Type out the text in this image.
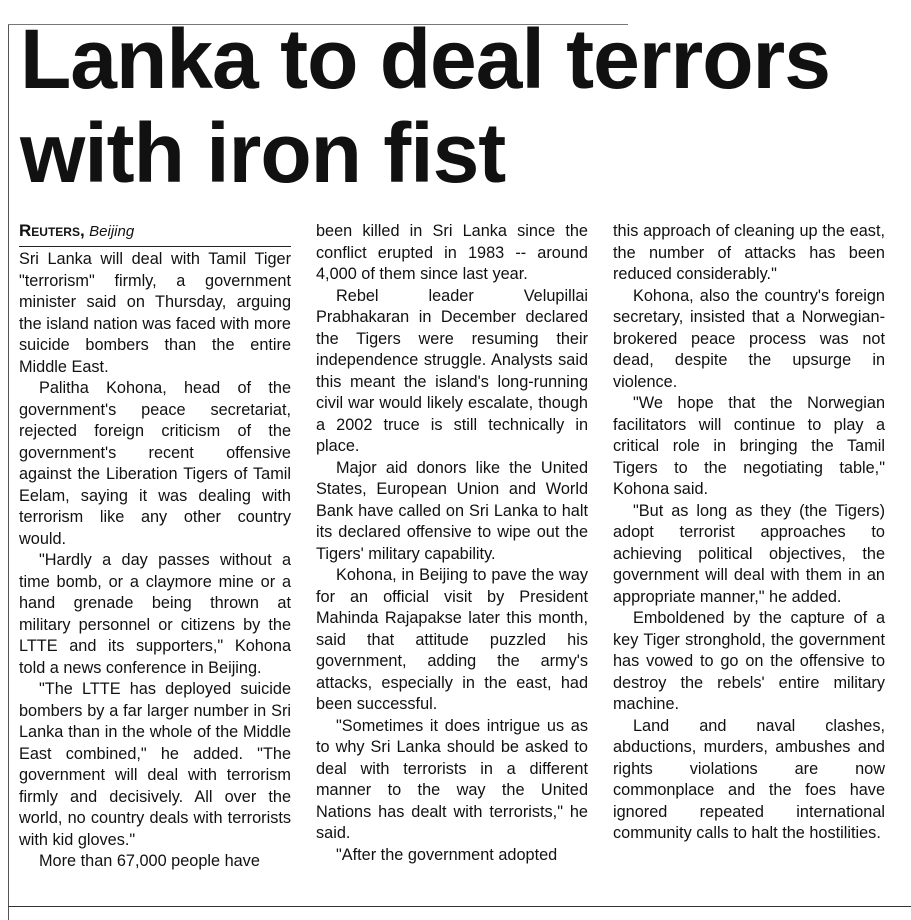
Lanka to deal terrors
with iron fist
Reuters, Beijing

Sri Lanka will deal with Tamil Tiger "terrorism" firmly, a government minister said on Thursday, arguing the island nation was faced with more suicide bombers than the entire Middle East.

Palitha Kohona, head of the government's peace secretariat, rejected foreign criticism of the government's recent offensive against the Liberation Tigers of Tamil Eelam, saying it was dealing with terrorism like any other country would.

"Hardly a day passes without a time bomb, or a claymore mine or a hand grenade being thrown at military personnel or citizens by the LTTE and its supporters," Kohona told a news conference in Beijing.

"The LTTE has deployed suicide bombers by a far larger number in Sri Lanka than in the whole of the Middle East combined," he added. "The government will deal with terrorism firmly and decisively. All over the world, no country deals with terrorists with kid gloves."

More than 67,000 people have

been killed in Sri Lanka since the conflict erupted in 1983 -- around 4,000 of them since last year.

Rebel leader Velupillai Prabhakaran in December declared the Tigers were resuming their independence struggle. Analysts said this meant the island's long-running civil war would likely escalate, though a 2002 truce is still technically in place.

Major aid donors like the United States, European Union and World Bank have called on Sri Lanka to halt its declared offensive to wipe out the Tigers' military capability.

Kohona, in Beijing to pave the way for an official visit by President Mahinda Rajapakse later this month, said that attitude puzzled his government, adding the army's attacks, especially in the east, had been successful.

"Sometimes it does intrigue us as to why Sri Lanka should be asked to deal with terrorists in a different manner to the way the United Nations has dealt with terrorists," he said.

"After the government adopted

this approach of cleaning up the east, the number of attacks has been reduced considerably."

Kohona, also the country's foreign secretary, insisted that a Norwegian-brokered peace process was not dead, despite the upsurge in violence.

"We hope that the Norwegian facilitators will continue to play a critical role in bringing the Tamil Tigers to the negotiating table," Kohona said.

"But as long as they (the Tigers) adopt terrorist approaches to achieving political objectives, the government will deal with them in an appropriate manner," he added.

Emboldened by the capture of a key Tiger stronghold, the government has vowed to go on the offensive to destroy the rebels' entire military machine.

Land and naval clashes, abductions, murders, ambushes and rights violations are now commonplace and the foes have ignored repeated international community calls to halt the hostilities.
